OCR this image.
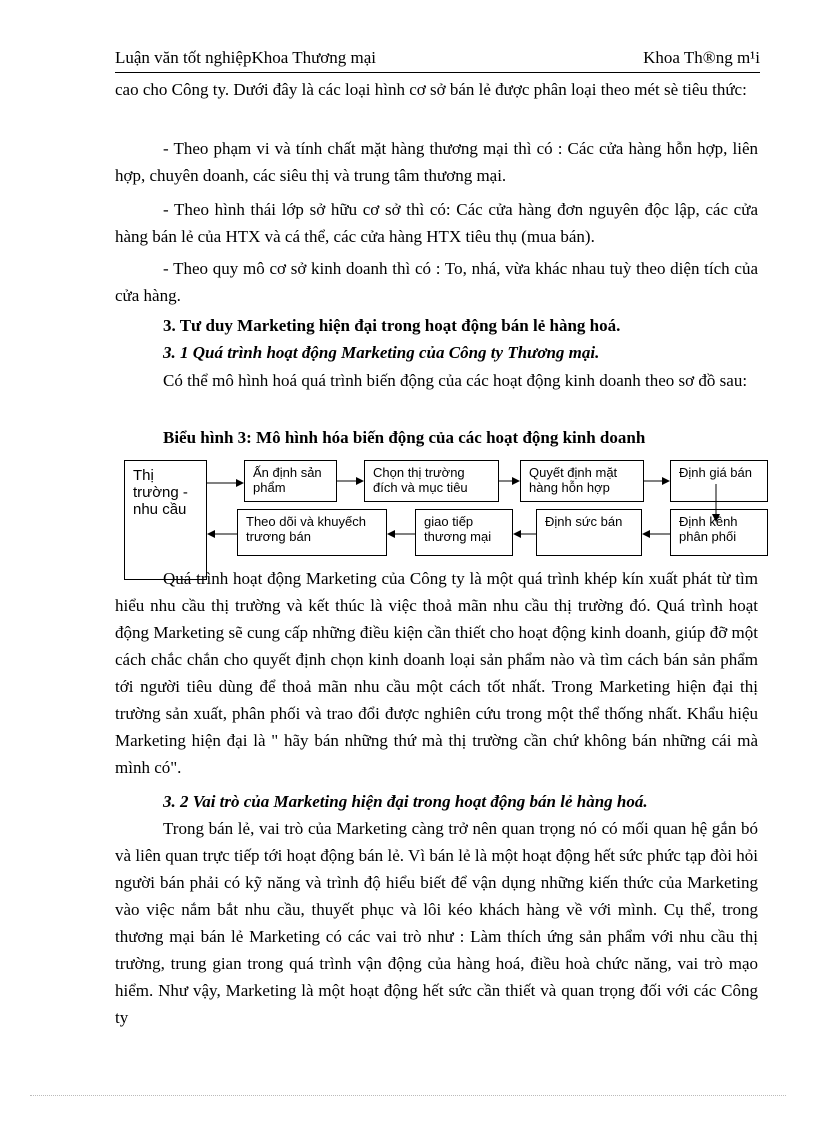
Luận văn tốt nghiệpKhoa Thương mại	Khoa Th®ng m¹i

cao cho Công ty. Dưới đây là các loại hình cơ sở bán lẻ được phân loại theo mét sè tiêu thức:

- Theo phạm vi và tính chất mặt hàng thương mại thì có : Các cửa hàng hỗn hợp, liên hợp, chuyên doanh, các siêu thị và trung tâm thương mại.

- Theo hình thái lớp sở hữu cơ sở thì có: Các cửa hàng đơn nguyên độc lập, các cửa hàng bán lẻ của HTX và cá thể, các cửa hàng HTX tiêu thụ (mua bán).

- Theo quy mô cơ sở kinh doanh thì có : To, nhá, vừa khác nhau tuỳ theo diện tích của cửa hàng.

3. Tư duy Marketing hiện đại trong hoạt động bán lẻ hàng hoá.

3. 1 Quá trình hoạt động Marketing của Công ty Thương mại.

Có thể mô hình hoá quá trình biến động của các hoạt động kinh doanh theo sơ đồ sau:

Biểu hình 3: Mô hình hóa biến động của các hoạt động kinh doanh

Thị trường - nhu cầu
Ấn định sản phẩm
Chọn thị trường đích và mục tiêu
Quyết định mặt hàng hỗn hợp
Định giá bán
Định kênh phân phối
Định sức bán
giao tiếp thương mại
Theo dõi và khuyếch trương bán

Quá trình hoạt động Marketing của Công ty là một quá trình khép kín xuất phát từ tìm hiểu nhu cầu thị trường và kết thúc là việc thoả mãn nhu cầu thị trường đó. Quá trình hoạt động Marketing sẽ cung cấp những điều kiện cần thiết cho hoạt động kinh doanh, giúp đỡ một cách chắc chắn cho quyết định chọn kinh doanh loại sản phẩm nào và tìm cách bán sản phẩm tới người tiêu dùng để thoả mãn nhu cầu một cách tốt nhất. Trong Marketing hiện đại thị trường sản xuất, phân phối và trao đổi được nghiên cứu trong một thể thống nhất. Khẩu hiệu Marketing hiện đại là " hãy bán những thứ mà thị trường cần chứ không bán những cái mà mình có".

3. 2 Vai trò của Marketing hiện đại trong hoạt động bán lẻ hàng hoá.

Trong bán lẻ, vai trò của Marketing càng trở nên quan trọng nó có mối quan hệ gắn bó và liên quan trực tiếp tới hoạt động bán lẻ. Vì bán lẻ là một hoạt động hết sức phức tạp đòi hỏi người bán phải có kỹ năng và trình độ hiểu biết để vận dụng những kiến thức của Marketing vào việc nắm bắt nhu cầu, thuyết phục và lôi kéo khách hàng về với mình. Cụ thể, trong thương mại bán lẻ Marketing có các vai trò như : Làm thích ứng sản phẩm với nhu cầu thị trường, trung gian trong quá trình vận động của hàng hoá, điều hoà chức năng, vai trò mạo hiểm. Như vậy, Marketing là một hoạt động hết sức cần thiết và quan trọng đối với các Công ty
